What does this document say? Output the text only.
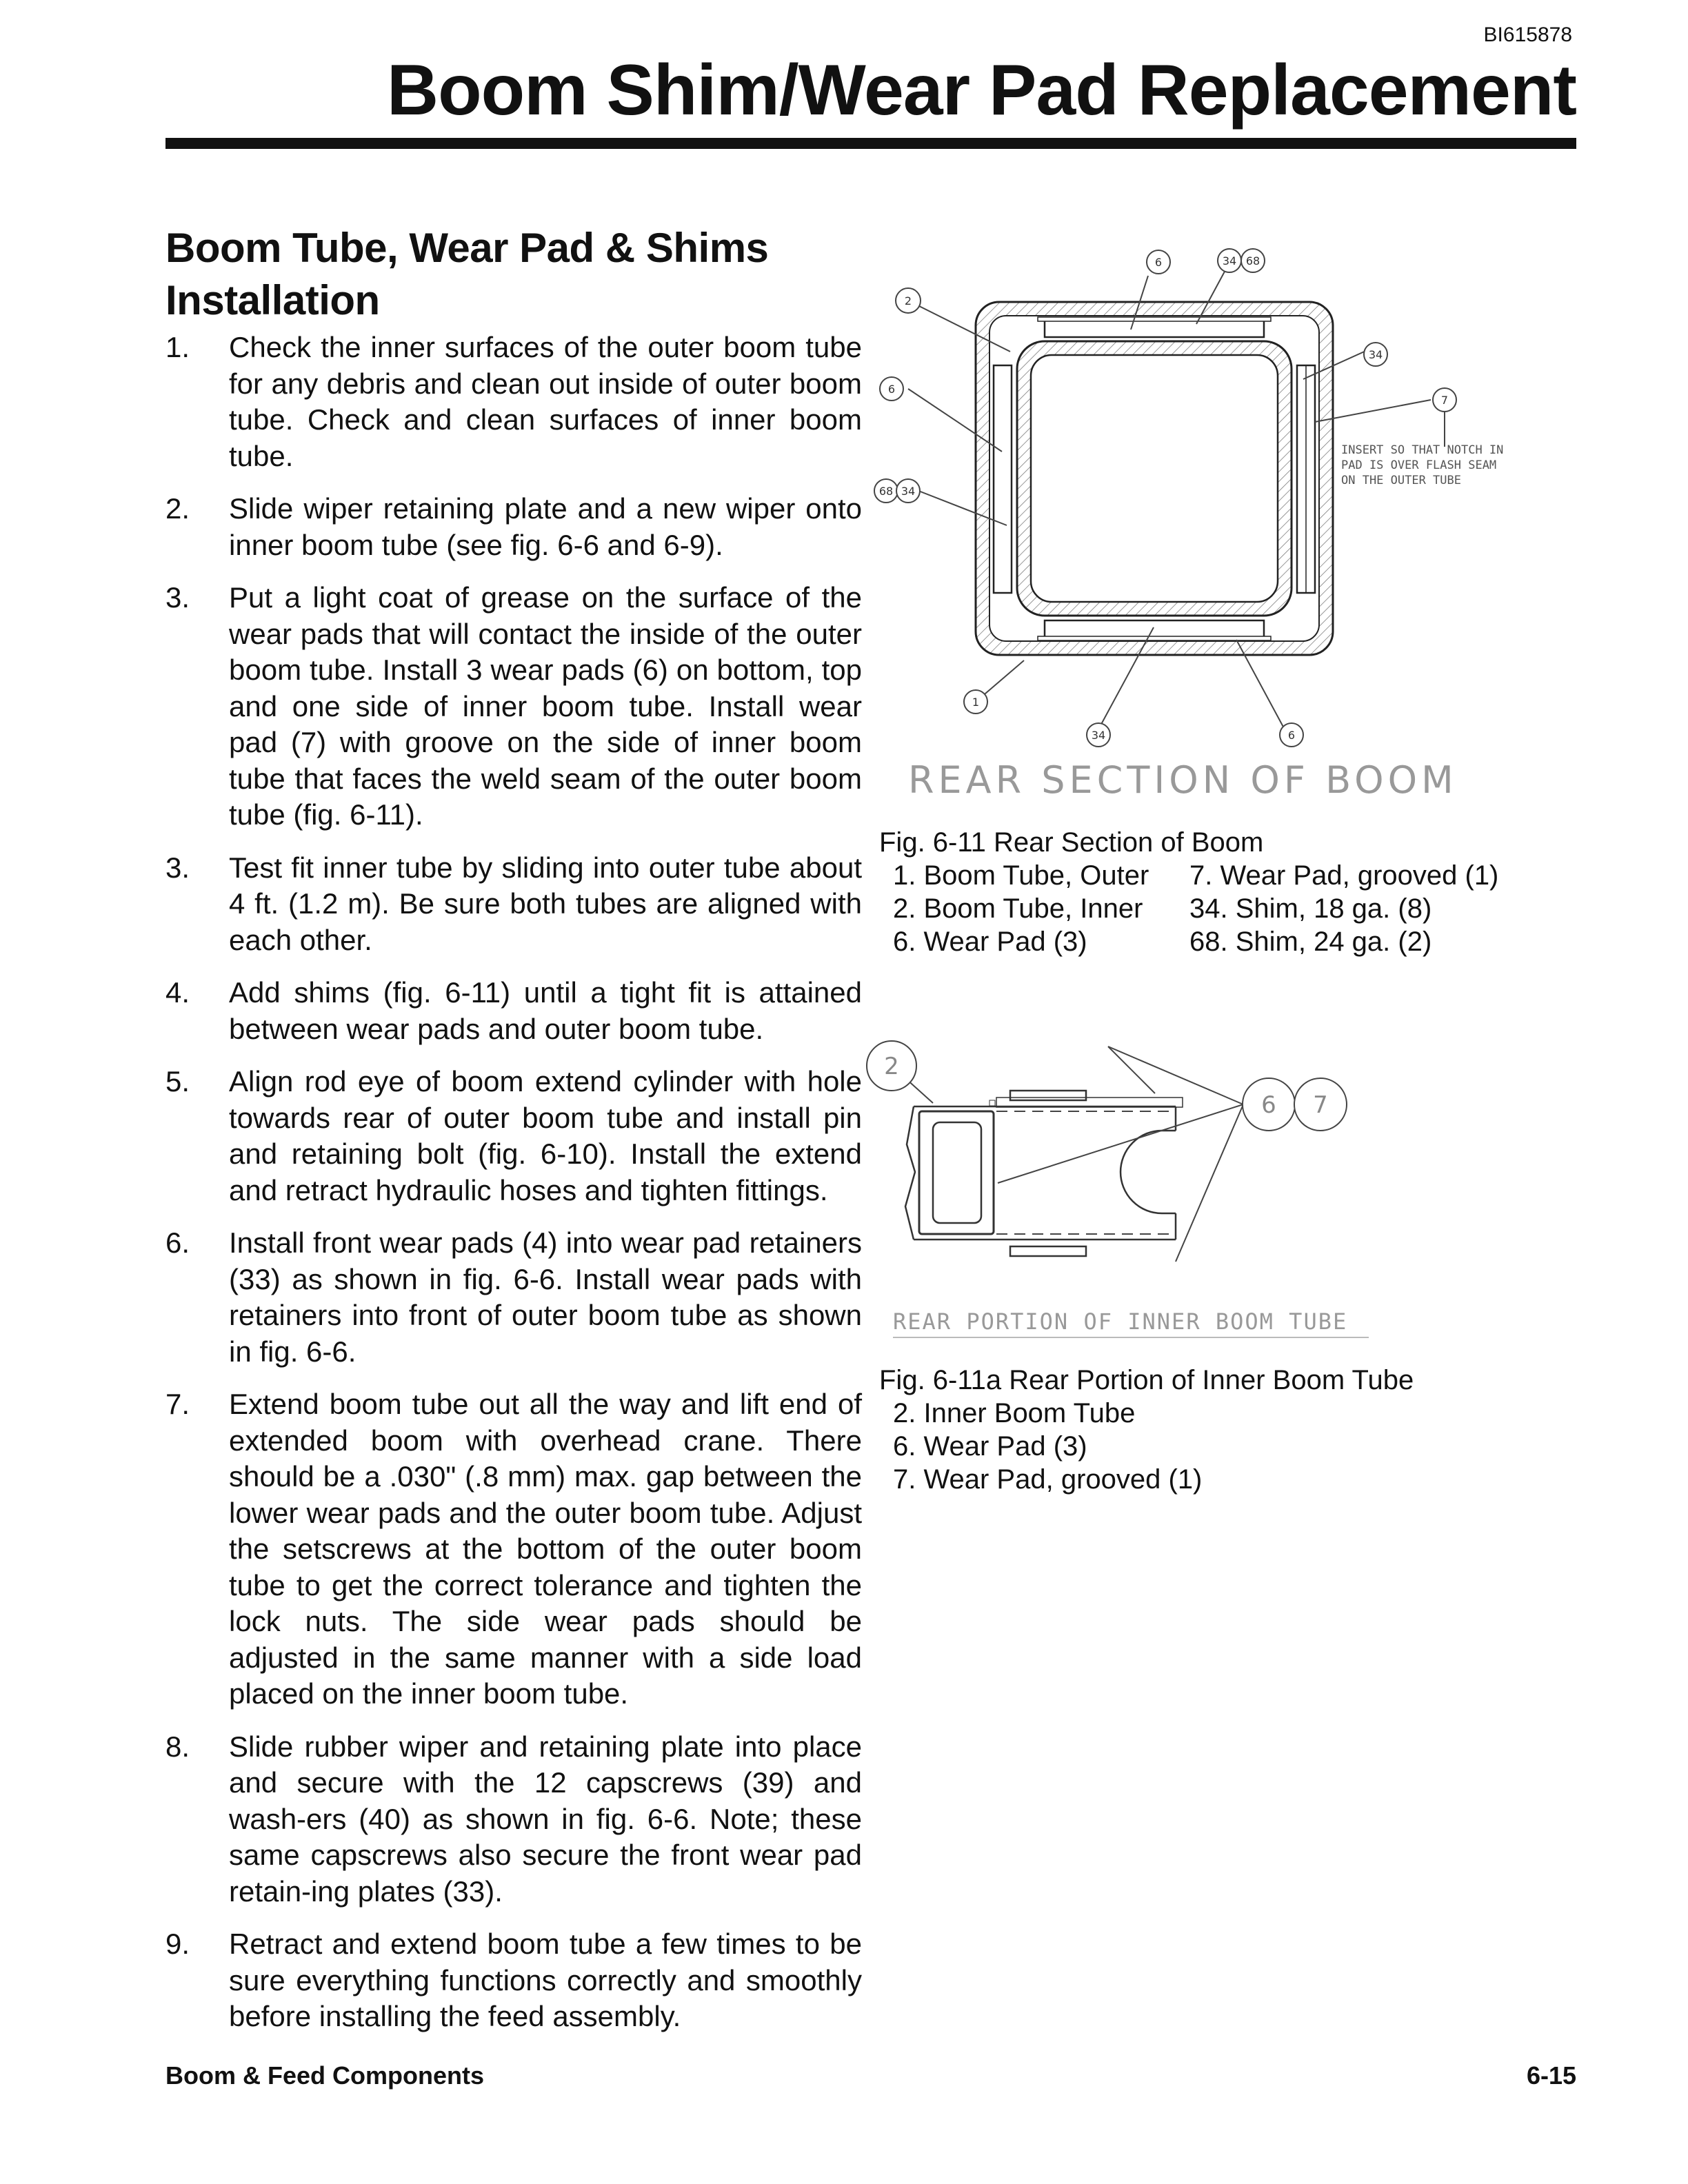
BI615878
Boom Shim/Wear Pad Replacement
Boom Tube, Wear Pad & Shims Installation
1. Check the inner surfaces of the outer boom tube for any debris and clean out inside of outer boom tube. Check and clean surfaces of inner boom tube.
2. Slide wiper retaining plate and a new wiper onto inner boom tube (see fig. 6-6 and 6-9).
3. Put a light coat of grease on the surface of the wear pads that will contact the inside of the outer boom tube. Install 3 wear pads (6) on bottom, top and one side of inner boom tube. Install wear pad (7) with groove on the side of inner boom tube that faces the weld seam of the outer boom tube (fig. 6-11).
3. Test fit inner tube by sliding into outer tube about 4 ft. (1.2 m). Be sure both tubes are aligned with each other.
4. Add shims (fig. 6-11) until a tight fit is attained between wear pads and outer boom tube.
5. Align rod eye of boom extend cylinder with hole towards rear of outer boom tube and install pin and retaining bolt (fig. 6-10). Install the extend and retract hydraulic hoses and tighten fittings.
6. Install front wear pads (4) into wear pad retainers (33) as shown in fig. 6-6. Install wear pads with retainers into front of outer boom tube as shown in fig. 6-6.
7. Extend boom tube out all the way and lift end of extended boom with overhead crane. There should be a .030" (.8 mm) max. gap between the lower wear pads and the outer boom tube. Adjust the setscrews at the bottom of the outer boom tube to get the correct tolerance and tighten the lock nuts. The side wear pads should be adjusted in the same manner with a side load placed on the inner boom tube.
8. Slide rubber wiper and retaining plate into place and secure with the 12 capscrews (39) and wash-ers (40) as shown in fig. 6-6. Note; these same capscrews also secure the front wear pad retain-ing plates (33).
9. Retract and extend boom tube a few times to be sure everything functions correctly and smoothly before installing the feed assembly.
6	34 68
2
34
6
7
68 34
1
34	6
INSERT SO THAT NOTCH IN
PAD IS OVER FLASH SEAM
ON THE OUTER TUBE
REAR SECTION OF BOOM
Fig. 6-11 Rear Section of Boom
1. Boom Tube, Outer
2. Boom Tube, Inner
6. Wear Pad (3)
7. Wear Pad, grooved (1)
34. Shim, 18 ga. (8)
68. Shim, 24 ga. (2)
2
6 7
REAR PORTION OF INNER BOOM TUBE
Fig. 6-11a Rear Portion of Inner Boom Tube
2. Inner Boom Tube
6. Wear Pad (3)
7. Wear Pad, grooved (1)
Boom & Feed Components	6-15
